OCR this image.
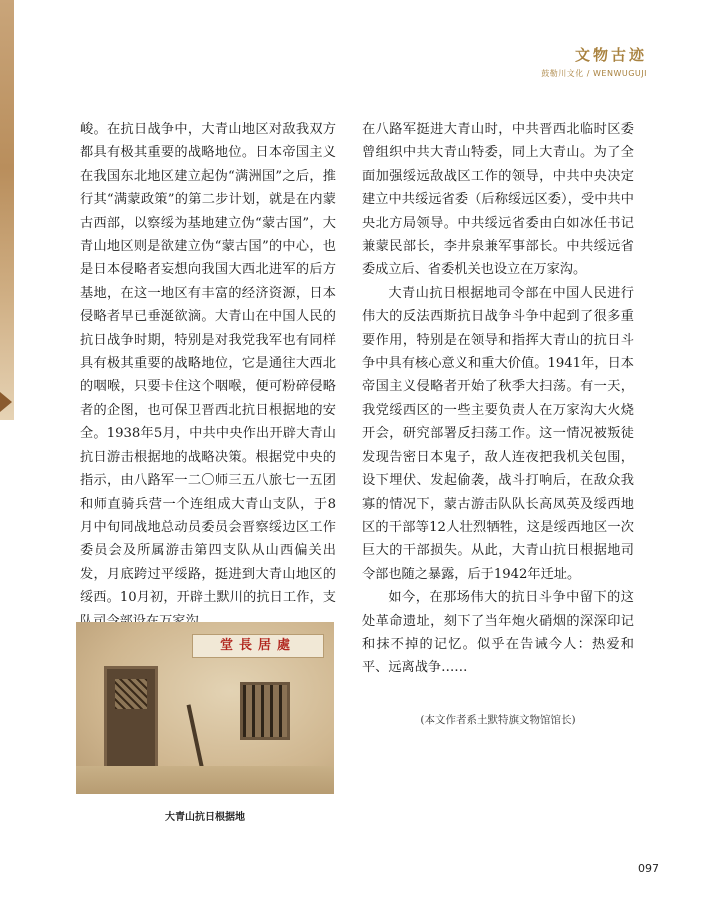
文物古迹
鼓勒川文化 / WENWUGUJI

峻。在抗日战争中，大青山地区对敌我双方都具有极其重要的战略地位。日本帝国主义在我国东北地区建立起伪“满洲国”之后，推行其“满蒙政策”的第二步计划，就是在内蒙古西部，以察绥为基地建立伪“蒙古国”，大青山地区则是欲建立伪“蒙古国”的中心，也是日本侵略者妄想向我国大西北进军的后方基地，在这一地区有丰富的经济资源，日本侵略者早已垂涎欲滴。大青山在中国人民的抗日战争时期，特别是对我党我军也有同样具有极其重要的战略地位，它是通往大西北的咽喉，只要卡住这个咽喉，便可粉碎侵略者的企图，也可保卫晋西北抗日根据地的安全。1938年5月，中共中央作出开辟大青山抗日游击根据地的战略决策。根据党中央的指示，由八路军一二〇师三五八旅七一五团和师直骑兵营一个连组成大青山支队，于8月中旬同战地总动员委员会晋察绥边区工作委员会及所属游击第四支队从山西偏关出发，月底跨过平绥路，挺进到大青山地区的绥西。10月初，开辟土默川的抗日工作，支

在八路军挺进大青山时，中共晋西北临时区委曾组织中共大青山特委，同上大青山。为了全面加强绥远敌战区工作的领导，中共中央决定建立中共绥远省委（后称绥远区委），受中共中央北方局领导。中共绥远省委由白如冰任书记兼蒙民部长，李井泉兼军事部长。中共绥远省委成立后、省委机关也设立在万家沟。

大青山抗日根据地司令部在中国人民进行伟大的反法西斯抗日战争斗争中起到了很多重要作用，特别是在领导和指挥大青山的抗日斗争中具有核心意义和重大价值。1941年，日本帝国主义侵略者开始了秋季大扫荡。有一天，我党绥西区的一些主要负责人在万家沟大火烧开会，研究部署反扫荡工作。这一情况被叛徒发现告密日本鬼子，敌人连夜把我机关包围，设下埋伏、发起偷袭，战斗打响后，在敌众我寡的情况下，蒙古游击队队长高凤英及绥西地区的干部等12人壮烈牺牲，这是绥西地区一次巨大的干部损失。从此，大青山抗日根据地司令部也随之暴露，后于1942年迁址。

如今，在那场伟大的抗日斗争中留下的这处革命遗址，刻下了当年炮火硝烟的深深印记和抹不掉的记忆。似乎在告诫今人：热爱和平、远离战争……

堂長居處
大青山抗日根据地
(本文作者系土默特旗文物馆馆长)
097
